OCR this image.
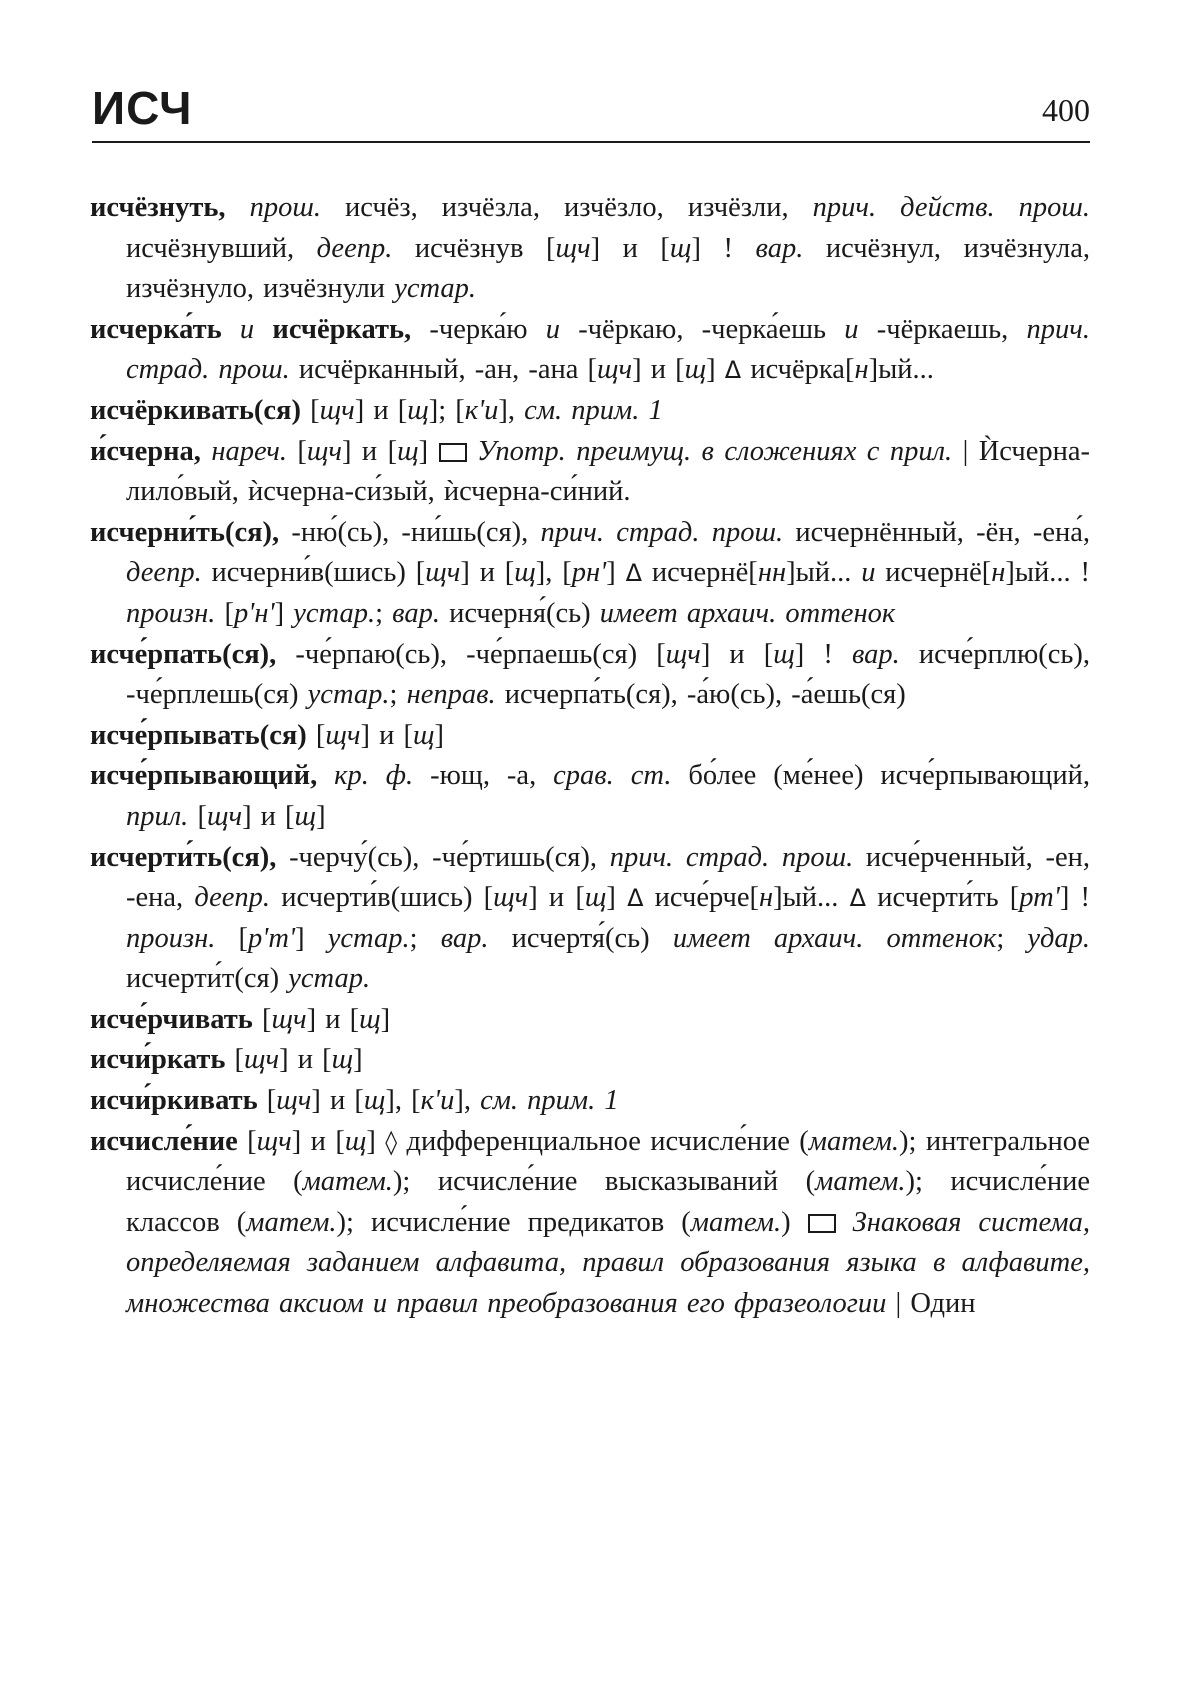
ИСЧ	400
исчёзнуть, прош. исчёз, изчёзла, изчёзло, изчёзли, прич. действ. прош. исчёзнувший, деепр. исчёзнув [щч] и [щ] ! вар. исчёзнул, изчёзнула, изчёзнуло, изчёзнули устар.
исчерка́ть и исчёркать, -черка́ю и -чёркаю, -черка́ешь и -чёркаешь, прич. страд. прош. исчёрканный, -ан, -ана [щч] и [щ] Δ исчёрка[н]ый...
исчёркивать(ся) [щч] и [щ]; [к'и], см. прим. 1
и́счерна, нареч. [щч] и [щ]  Употр. преимущ. в сложениях с прил. | Ѝсчерна-лило́вый, ѝсчерна-си́зый, ѝсчерна-си́ний.
исчерни́ть(ся), -ню́(сь), -ни́шь(ся), прич. страд. прош. исчернённый, -ён, -ена́, деепр. исчерни́в(шись) [щч] и [щ], [рн'] Δ исчернё[нн]ый... и исчернё[н]ый... ! произн. [р'н'] устар.; вар. исчерня́(сь) имеет архаич. оттенок
исче́рпать(ся), -че́рпаю(сь), -че́рпаешь(ся) [щч] и [щ] ! вар. исче́рплю(сь), -че́рплешь(ся) устар.; неправ. исчерпа́ть(ся), -а́ю(сь), -а́ешь(ся)
исче́рпывать(ся) [щч] и [щ]
исче́рпывающий, кр. ф. -ющ, -а, срав. ст. бо́лее (ме́нее) исче́рпывающий, прил. [щч] и [щ]
исчерти́ть(ся), -черчу́(сь), -че́ртишь(ся), прич. страд. прош. исче́рченный, -ен, -ена, деепр. исчерти́в(шись) [щч] и [щ] Δ исче́рче[н]ый... Δ исчерти́ть [рт'] ! произн. [р'т'] устар.; вар. исчертя́(сь) имеет архаич. оттенок; удар. исчерти́т(ся) устар.
исче́рчивать [щч] и [щ]
исчи́ркать [щч] и [щ]
исчи́ркивать [щч] и [щ], [к'и], см. прим. 1
исчисле́ние [щч] и [щ] ◊ дифференциальное исчисле́ние (матем.); интегральное исчисле́ние (матем.); исчисле́ние высказываний (матем.); исчисле́ние классов (матем.); исчисле́ние предикатов (матем.)  Знаковая система, определяемая заданием алфавита, правил образования языка в алфавите, множества аксиом и правил преобразования его фразеологии | Один
